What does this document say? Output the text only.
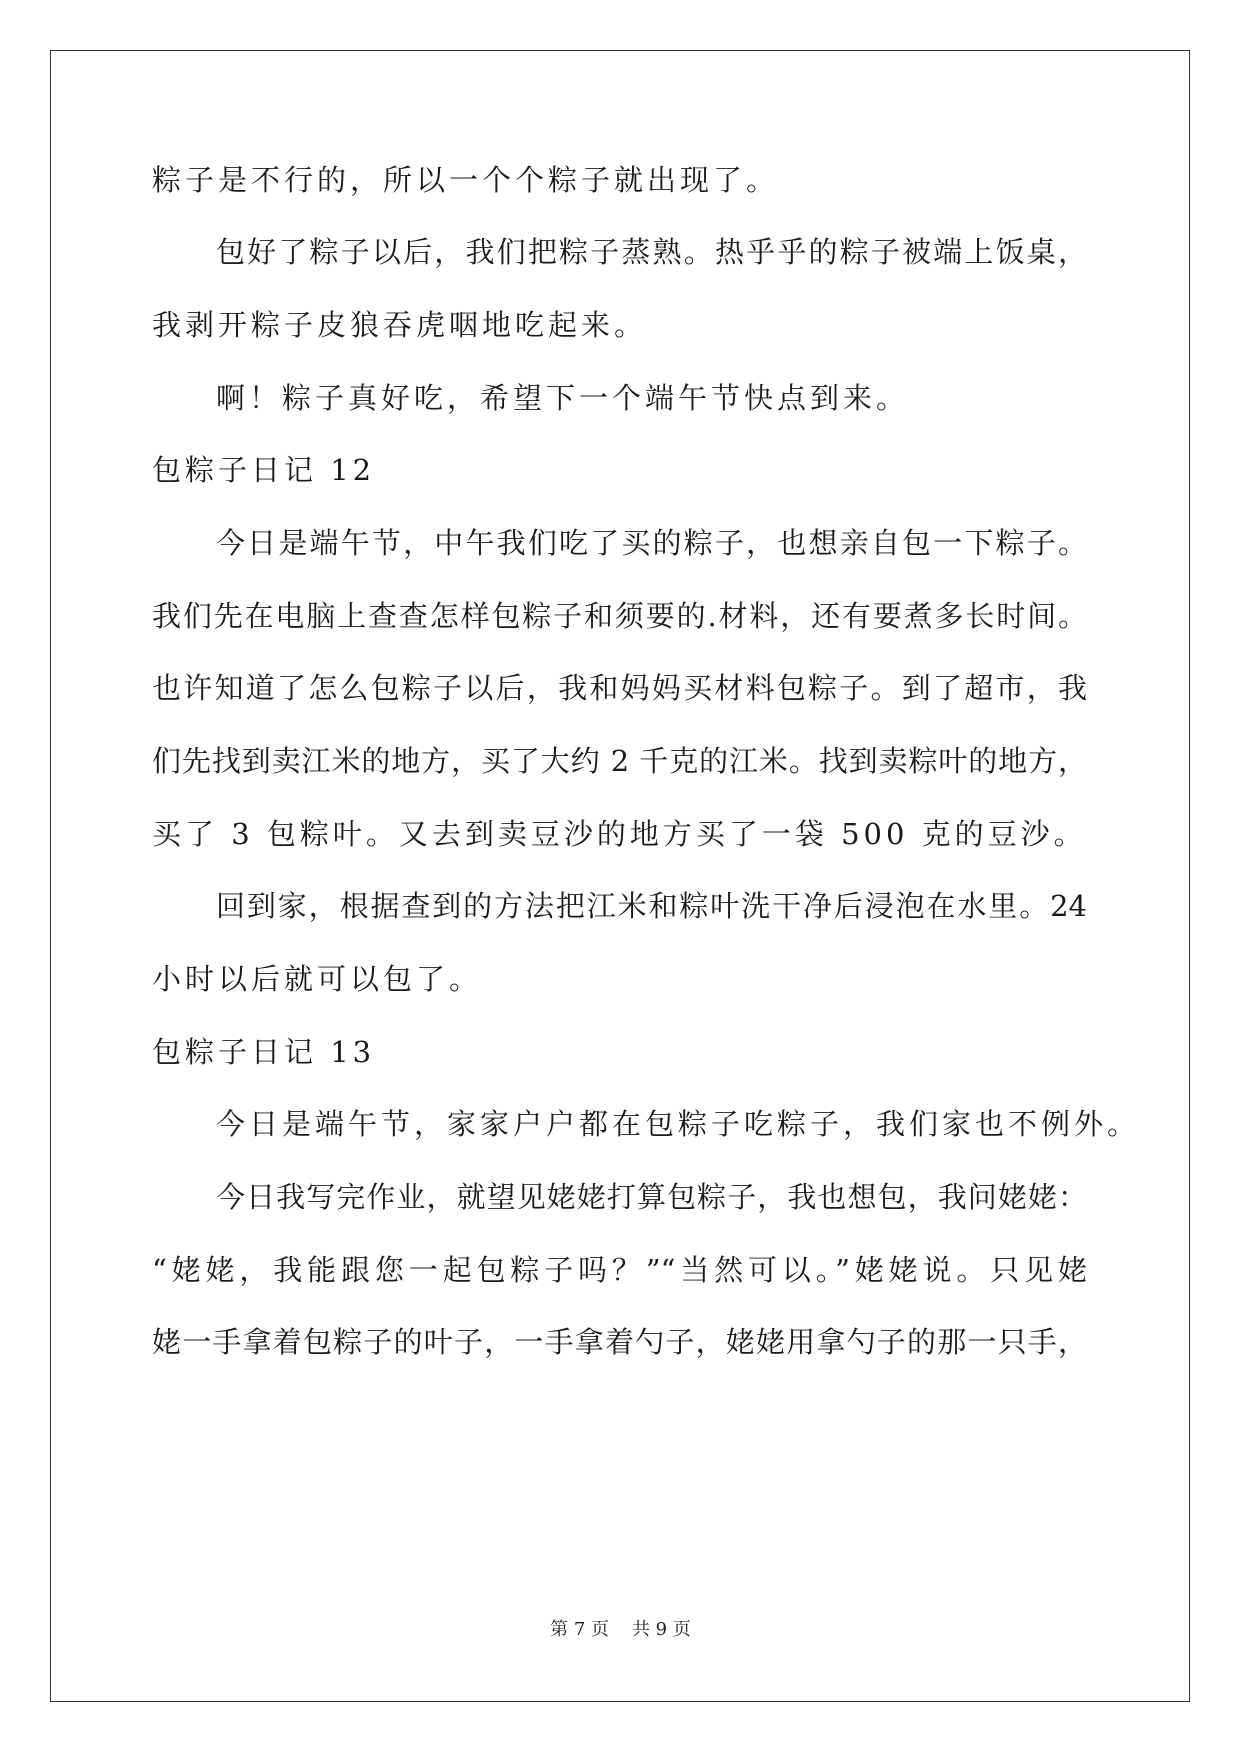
粽子是不行的，所以一个个粽子就出现了。
包好了粽子以后，我们把粽子蒸熟。热乎乎的粽子被端上饭桌，
我剥开粽子皮狼吞虎咽地吃起来。
啊！粽子真好吃，希望下一个端午节快点到来。
包粽子日记 12
今日是端午节，中午我们吃了买的粽子，也想亲自包一下粽子。
我们先在电脑上查查怎样包粽子和须要的.材料，还有要煮多长时间。
也许知道了怎么包粽子以后，我和妈妈买材料包粽子。到了超市，我
们先找到卖江米的地方，买了大约 2 千克的江米。找到卖粽叶的地方，
买了 3 包粽叶。又去到卖豆沙的地方买了一袋 500 克的豆沙。
回到家，根据查到的方法把江米和粽叶洗干净后浸泡在水里。24
小时以后就可以包了。
包粽子日记 13
今日是端午节，家家户户都在包粽子吃粽子，我们家也不例外。
今日我写完作业，就望见姥姥打算包粽子，我也想包，我问姥姥：
“姥姥，我能跟您一起包粽子吗？”“当然可以。”姥姥说。只见姥
姥一手拿着包粽子的叶子，一手拿着勺子，姥姥用拿勺子的那一只手，
第 7 页    共 9 页
